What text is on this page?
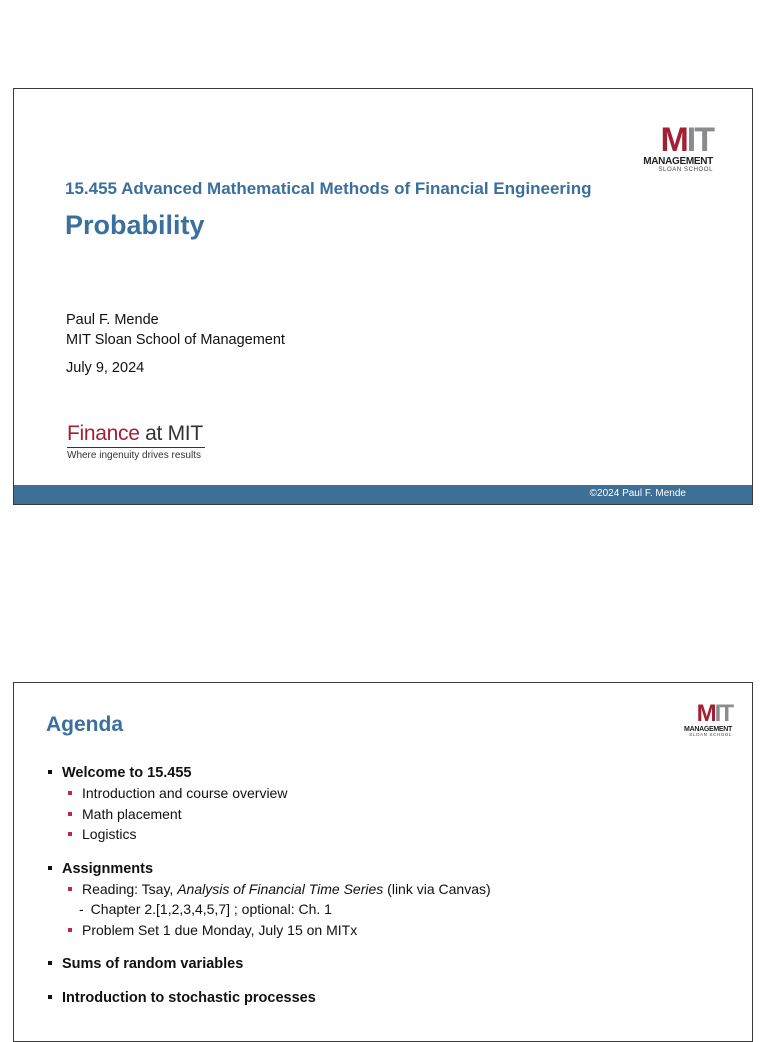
MIT
MANAGEMENT
SLOAN SCHOOL
15.455 Advanced Mathematical Methods of Financial Engineering
Probability
Paul F. Mende
MIT Sloan School of Management
July 9, 2024
Finance at MIT
Where ingenuity drives results
©2024 Paul F. Mende
MIT
MANAGEMENT
SLOAN SCHOOL
Agenda
Welcome to 15.455
Introduction and course overview
Math placement
Logistics
Assignments
Reading: Tsay, Analysis of Financial Time Series (link via Canvas)
- Chapter 2.[1,2,3,4,5,7] ; optional: Ch. 1
Problem Set 1 due Monday, July 15 on MITx
Sums of random variables
Introduction to stochastic processes
